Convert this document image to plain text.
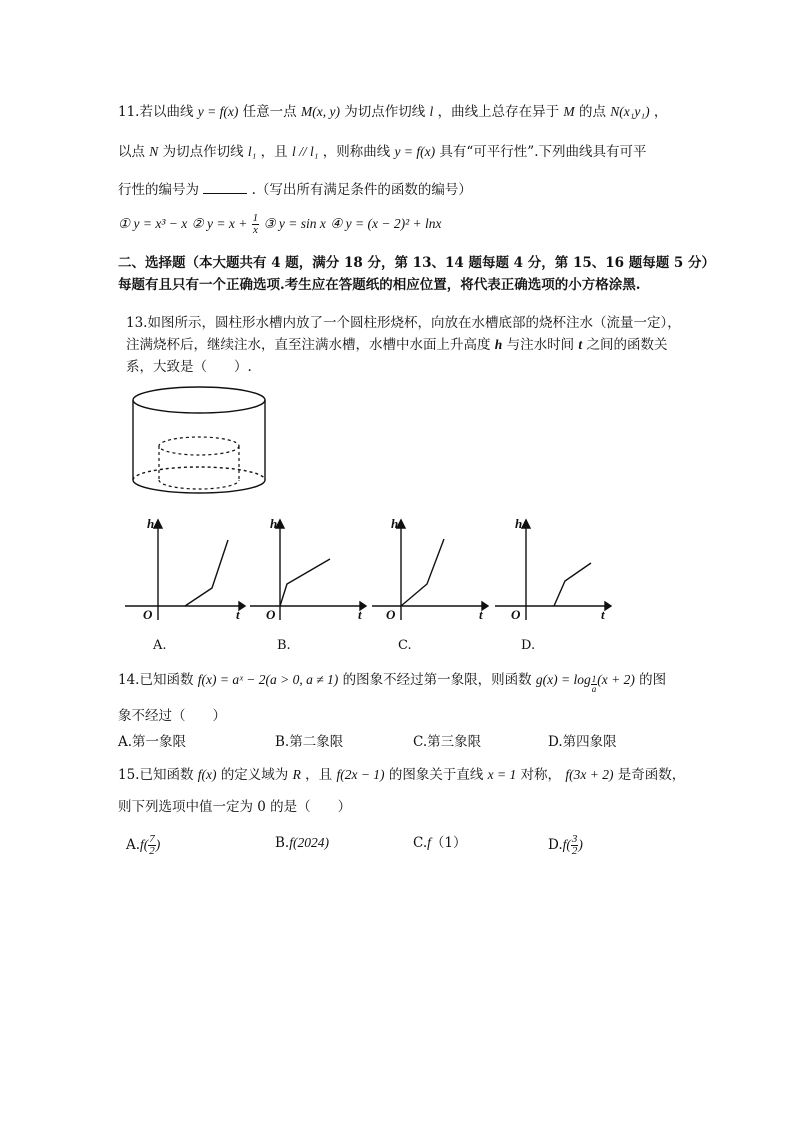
11.若以曲线 y = f(x) 任意一点 M(x, y) 为切点作切线 l ，曲线上总存在异于 M 的点 N(x₁y₁) ，
以点 N 为切点作切线 l₁ ，且 l // l₁ ，则称曲线 y = f(x) 具有“可平行性”.下列曲线具有可平
行性的编号为	.（写出所有满足条件的函数的编号）
① y = x³ − x ② $y = x + \frac{1}{x}$ ③ y = sin x ④ y = (x − 2)² + lnx
二、选择题（本大题共有 4 题，满分 18 分，第 13、14 题每题 4 分，第 15、16 题每题 5 分）
每题有且只有一个正确选项.考生应在答题纸的相应位置，将代表正确选项的小方格涂黑.
13.如图所示，圆柱形水槽内放了一个圆柱形烧杯，向放在水槽底部的烧杯注水（流量一定），
注满烧杯后，继续注水，直至注满水槽，水槽中水面上升高度 h 与注水时间 t 之间的函数关
系，大致是（　　）.
h
O	t
A.
h
O	t
B.
h
O	t
C.
h
O	t
D.
14.已知函数 f(x) = aˣ − 2(a > 0, a ≠ 1) 的图象不经过第一象限，则函数 $g(x) = \log \frac{1}{a} (x + 2)$ 的图
象不经过（　　）
A.第一象限	B.第二象限	C.第三象限	D.第四象限
15.已知函数 f(x) 的定义域为 R ，且 f(2x − 1) 的图象关于直线 x = 1 对称， f(3x + 2) 是奇函数，
则下列选项中值一定为 0 的是（　　）
$A.f( \frac{7}{2}$ )	B.f(2024)	C.f（1）	$D.f( \frac{3}{2}$ )
